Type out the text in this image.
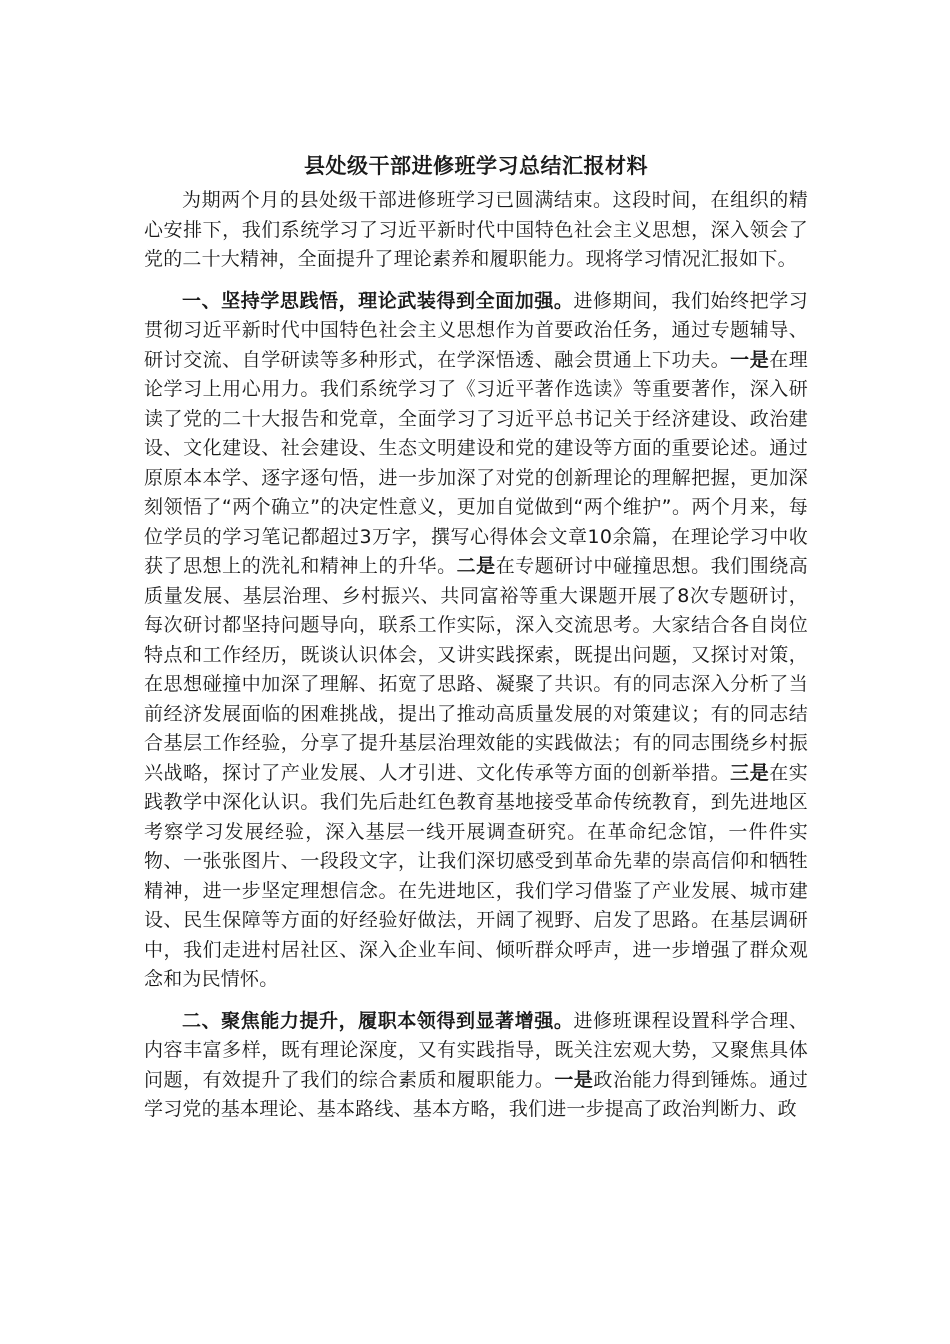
县处级干部进修班学习总结汇报材料

为期两个月的县处级干部进修班学习已圆满结束。这段时间，在组织的精心安排下，我们系统学习了习近平新时代中国特色社会主义思想，深入领会了党的二十大精神，全面提升了理论素养和履职能力。现将学习情况汇报如下。

一、坚持学思践悟，理论武装得到全面加强。进修期间，我们始终把学习贯彻习近平新时代中国特色社会主义思想作为首要政治任务，通过专题辅导、研讨交流、自学研读等多种形式，在学深悟透、融会贯通上下功夫。一是在理论学习上用心用力。我们系统学习了《习近平著作选读》等重要著作，深入研读了党的二十大报告和党章，全面学习了习近平总书记关于经济建设、政治建设、文化建设、社会建设、生态文明建设和党的建设等方面的重要论述。通过原原本本学、逐字逐句悟，进一步加深了对党的创新理论的理解把握，更加深刻领悟了“两个确立”的决定性意义，更加自觉做到“两个维护”。两个月来，每位学员的学习笔记都超过3万字，撰写心得体会文章10余篇，在理论学习中收获了思想上的洗礼和精神上的升华。二是在专题研讨中碰撞思想。我们围绕高质量发展、基层治理、乡村振兴、共同富裕等重大课题开展了8次专题研讨，每次研讨都坚持问题导向，联系工作实际，深入交流思考。大家结合各自岗位特点和工作经历，既谈认识体会，又讲实践探索，既提出问题，又探讨对策，在思想碰撞中加深了理解、拓宽了思路、凝聚了共识。有的同志深入分析了当前经济发展面临的困难挑战，提出了推动高质量发展的对策建议；有的同志结合基层工作经验，分享了提升基层治理效能的实践做法；有的同志围绕乡村振兴战略，探讨了产业发展、人才引进、文化传承等方面的创新举措。三是在实践教学中深化认识。我们先后赴红色教育基地接受革命传统教育，到先进地区考察学习发展经验，深入基层一线开展调查研究。在革命纪念馆，一件件实物、一张张图片、一段段文字，让我们深切感受到革命先辈的崇高信仰和牺牲精神，进一步坚定理想信念。在先进地区，我们学习借鉴了产业发展、城市建设、民生保障等方面的好经验好做法，开阔了视野、启发了思路。在基层调研中，我们走进村居社区、深入企业车间、倾听群众呼声，进一步增强了群众观念和为民情怀。

二、聚焦能力提升，履职本领得到显著增强。进修班课程设置科学合理、内容丰富多样，既有理论深度，又有实践指导，既关注宏观大势，又聚焦具体问题，有效提升了我们的综合素质和履职能力。一是政治能力得到锤炼。通过学习党的基本理论、基本路线、基本方略，我们进一步提高了政治判断力、政
